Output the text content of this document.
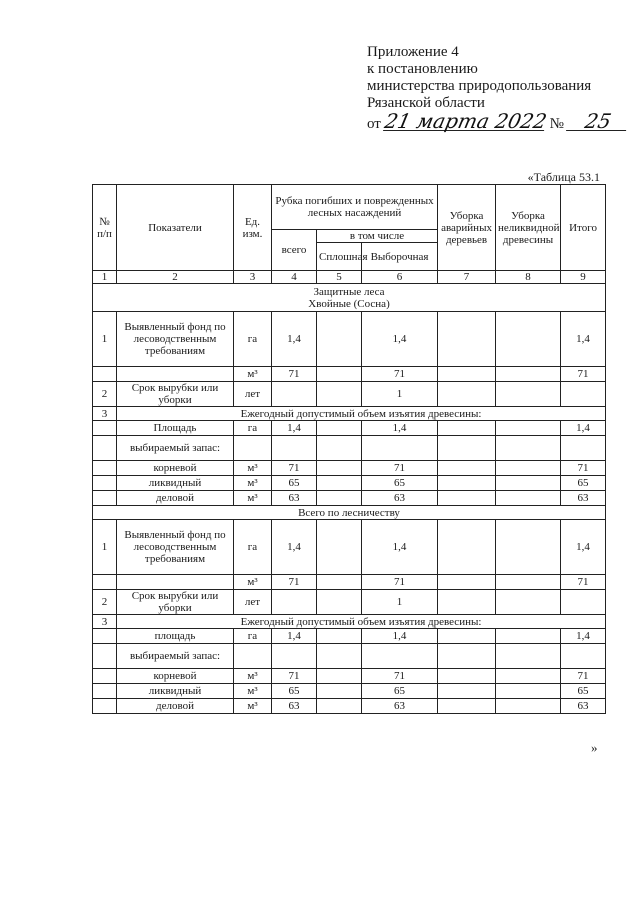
Приложение 4
к постановлению
министерства природопользования
Рязанской области
от 21 марта 2022 № 25
«Таблица 53.1
№ п/п	Показатели	Ед. изм.	Рубка погибших и поврежденных лесных насаждений			Уборка аварийных деревьев	Уборка неликвидной древесины	Итого
			всего	в том числе				
				Сплошная	Выборочная			
1	2	3	4	5	6	7	8	9

Защитные леса
Хвойные (Сосна)								

1	Выявленный фонд по лесоводственным требованиям	га	1,4		1,4			1,4
		м³	71		71			71
2	Срок вырубки или уборки	лет			1			
3	Ежегодный допустимый объем изъятия древесины:							
	Площадь	га	1,4		1,4			1,4
	выбираемый запас:							
	корневой	м³	71		71			71
	ликвидный	м³	65		65			65
	деловой	м³	63		63			63
Всего по лесничеству								
1	Выявленный фонд по лесоводственным требованиям	га	1,4		1,4			1,4
		м³	71		71			71
2	Срок вырубки или уборки	лет			1			
3	Ежегодный допустимый объем изъятия древесины:							
	площадь	га	1,4		1,4			1,4
	выбираемый запас:							
	корневой	м³	71		71			71
	ликвидный	м³	65		65			65
	деловой	м³	63		63			63
»
